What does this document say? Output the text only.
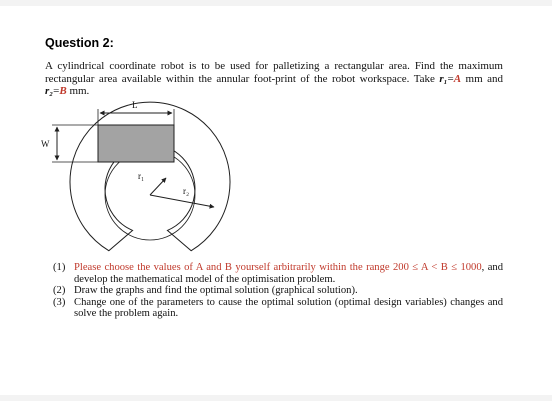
Question 2:

A cylindrical coordinate robot is to be used for palletizing a rectangular area. Find the maximum rectangular area available within the annular foot-print of the robot workspace. Take r₁=A mm and r₂=B mm.

L
W
r₁
r₂
(1) Please choose the values of A and B yourself arbitrarily within the range 200 ≤ A < B ≤ 1000, and develop the mathematical model of the optimisation problem.
(2) Draw the graphs and find the optimal solution (graphical solution).
(3) Change one of the parameters to cause the optimal solution (optimal design variables) changes and solve the problem again.
